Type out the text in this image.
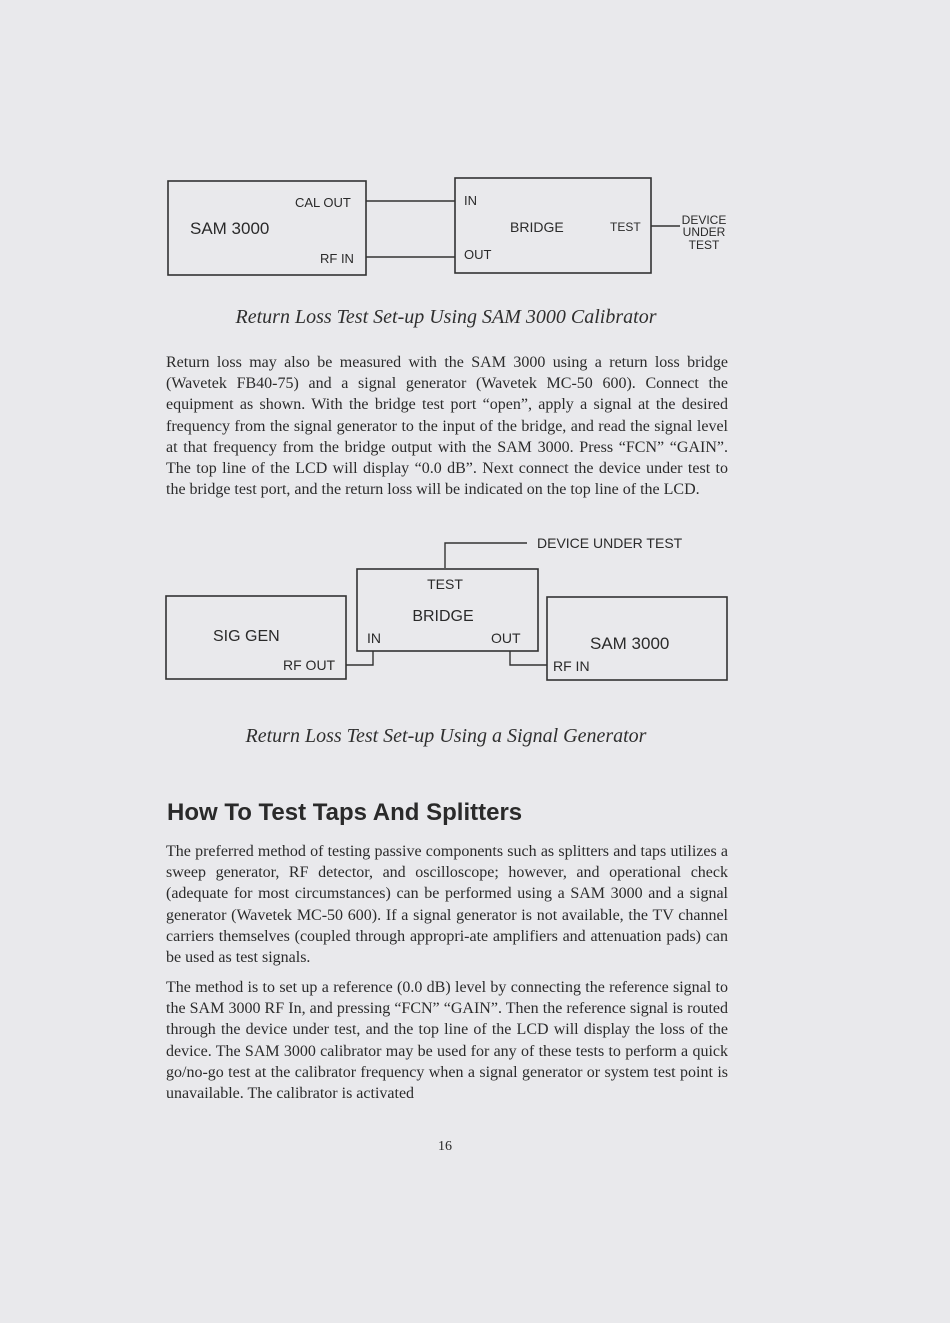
SAM 3000
CAL OUT
RF IN
IN
BRIDGE	TEST
OUT
DEVICE
UNDER
TEST
Return Loss Test Set-up Using SAM 3000 Calibrator

Return loss may also be measured with the SAM 3000 using a return loss bridge (Wavetek FB40-75) and a signal generator (Wavetek MC-50 600). Connect the equipment as shown. With the bridge test port “open”, apply a signal at the desired frequency from the signal generator to the input of the bridge, and read the signal level at that frequency from the bridge output with the SAM 3000. Press “FCN” “GAIN”. The top line of the LCD will display “0.0 dB”. Next connect the device under test to the bridge test port, and the return loss will be indicated on the top line of the LCD.

DEVICE UNDER TEST
TEST
BRIDGE
IN	OUT
SIG GEN
RF OUT
SAM 3000
RF IN
Return Loss Test Set-up Using a Signal Generator
How To Test Taps And Splitters

The preferred method of testing passive components such as splitters and taps utilizes a sweep generator, RF detector, and oscilloscope; however, and operational check (adequate for most circumstances) can be performed using a SAM 3000 and a signal generator (Wavetek MC-50 600). If a signal generator is not available, the TV channel carriers themselves (coupled through appropri-ate amplifiers and attenuation pads) can be used as test signals.

The method is to set up a reference (0.0 dB) level by connecting the reference signal to the SAM 3000 RF In, and pressing “FCN” “GAIN”. Then the reference signal is routed through the device under test, and the top line of the LCD will display the loss of the device. The SAM 3000 calibrator may be used for any of these tests to perform a quick go/no-go test at the calibrator frequency when a signal generator or system test point is unavailable. The calibrator is activated

16
